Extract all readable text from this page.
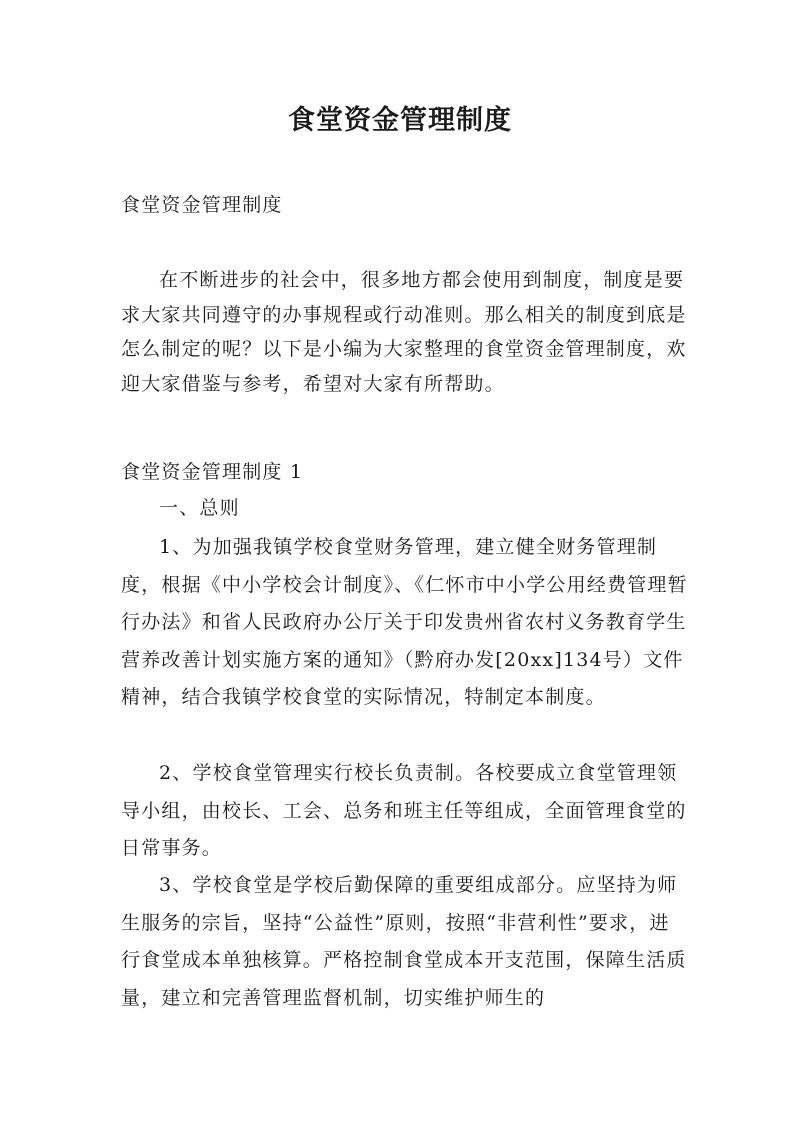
食堂资金管理制度

食堂资金管理制度

在不断进步的社会中，很多地方都会使用到制度，制度是要求大家共同遵守的办事规程或行动准则。那么相关的制度到底是怎么制定的呢？以下是小编为大家整理的食堂资金管理制度，欢迎大家借鉴与参考，希望对大家有所帮助。

食堂资金管理制度 1

一、总则

1、为加强我镇学校食堂财务管理，建立健全财务管理制度，根据《中小学校会计制度》、《仁怀市中小学公用经费管理暂行办法》和省人民政府办公厅关于印发贵州省农村义务教育学生营养改善计划实施方案的通知》（黔府办发[20xx]134号）文件精神，结合我镇学校食堂的实际情况，特制定本制度。

2、学校食堂管理实行校长负责制。各校要成立食堂管理领导小组，由校长、工会、总务和班主任等组成，全面管理食堂的日常事务。

3、学校食堂是学校后勤保障的重要组成部分。应坚持为师生服务的宗旨，坚持“公益性”原则，按照“非营利性”要求，进行食堂成本单独核算。严格控制食堂成本开支范围，保障生活质量，建立和完善管理监督机制，切实维护师生的
